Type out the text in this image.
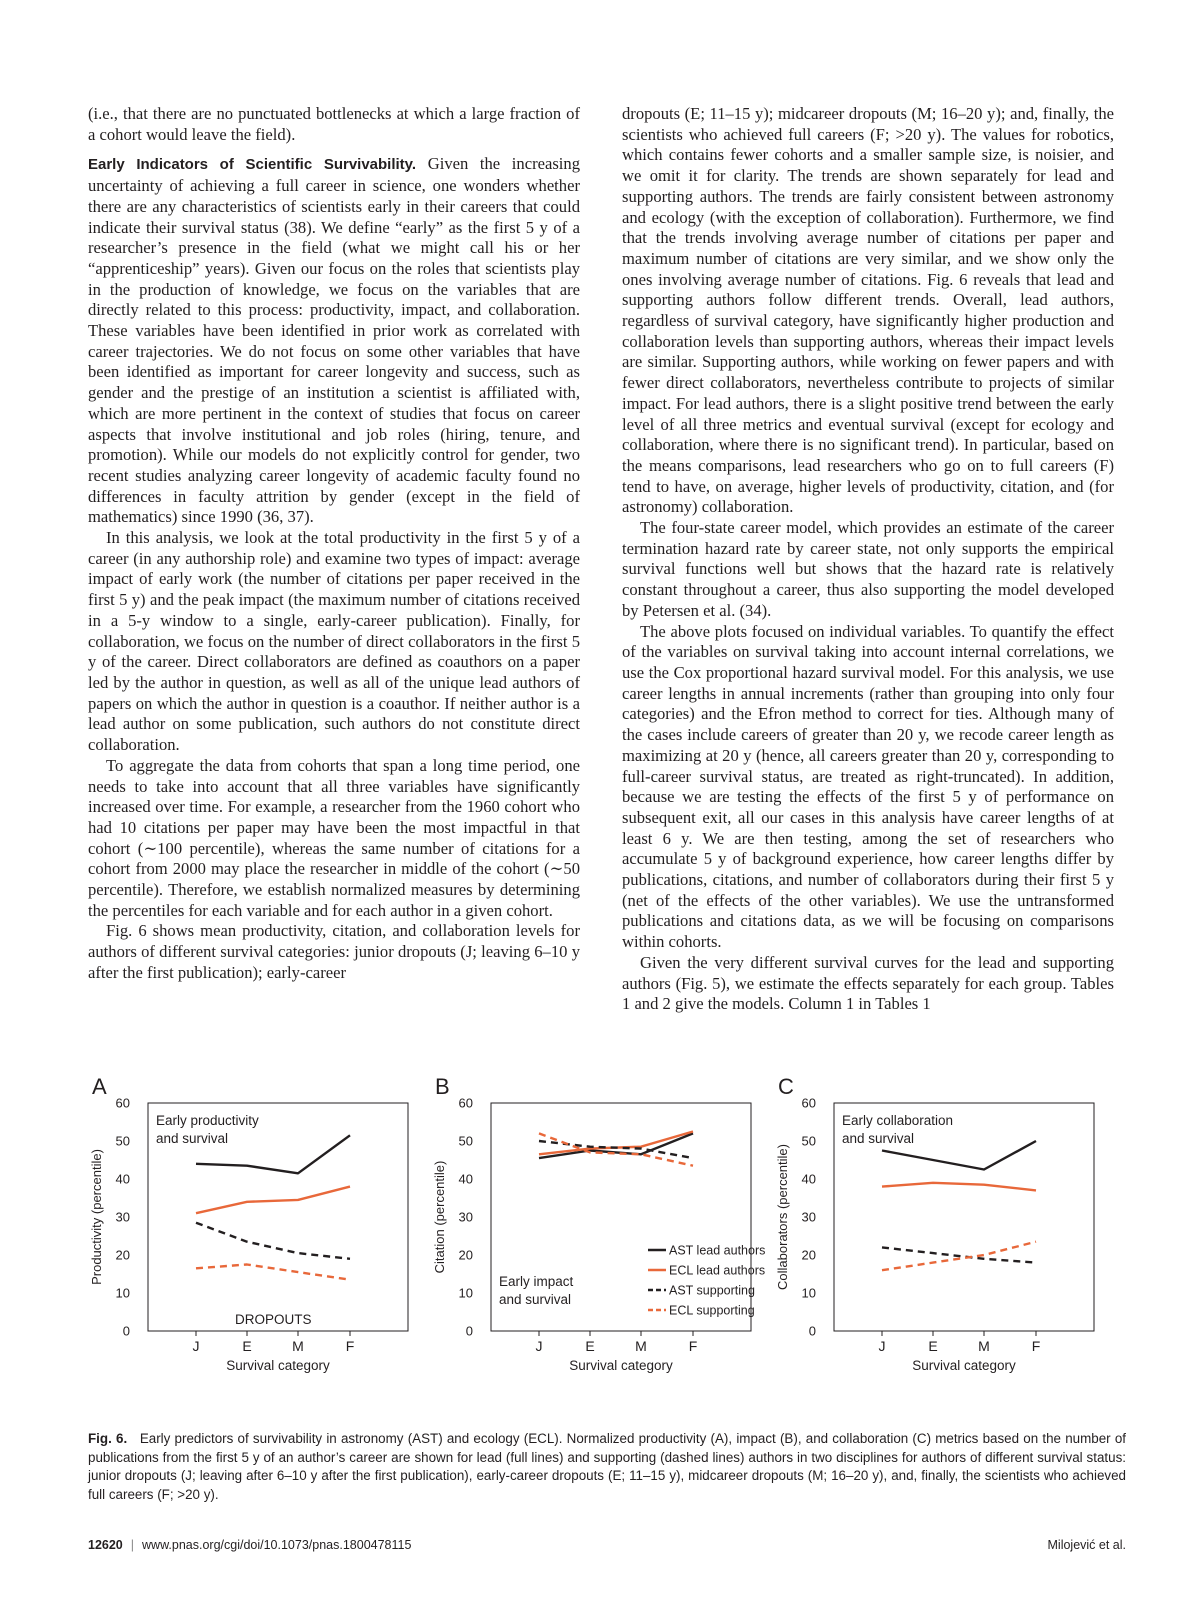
(i.e., that there are no punctuated bottlenecks at which a large fraction of a cohort would leave the field).

Early Indicators of Scientific Survivability. Given the increasing uncertainty of achieving a full career in science, one wonders whether there are any characteristics of scientists early in their careers that could indicate their survival status (38). We define “early” as the first 5 y of a researcher’s presence in the field (what we might call his or her “apprenticeship” years). Given our focus on the roles that scientists play in the production of knowledge, we focus on the variables that are directly related to this process: productivity, impact, and collaboration. These variables have been identified in prior work as correlated with career trajectories. We do not focus on some other variables that have been identified as important for career longevity and success, such as gender and the prestige of an institution a scientist is affiliated with, which are more pertinent in the context of studies that focus on career aspects that involve institutional and job roles (hiring, tenure, and promotion). While our models do not explicitly control for gender, two recent studies analyzing career longevity of academic faculty found no differences in faculty attrition by gender (except in the field of mathematics) since 1990 (36, 37).

In this analysis, we look at the total productivity in the first 5 y of a career (in any authorship role) and examine two types of impact: average impact of early work (the number of citations per paper received in the first 5 y) and the peak impact (the maximum number of citations received in a 5-y window to a single, early-career publication). Finally, for collaboration, we focus on the number of direct collaborators in the first 5 y of the career. Direct collaborators are defined as coauthors on a paper led by the author in question, as well as all of the unique lead authors of papers on which the author in question is a coauthor. If neither author is a lead author on some publication, such authors do not constitute direct collaboration.

To aggregate the data from cohorts that span a long time period, one needs to take into account that all three variables have significantly increased over time. For example, a researcher from the 1960 cohort who had 10 citations per paper may have been the most impactful in that cohort (∼100 percentile), whereas the same number of citations for a cohort from 2000 may place the researcher in middle of the cohort (∼50 percentile). Therefore, we establish normalized measures by determining the percentiles for each variable and for each author in a given cohort.

Fig. 6 shows mean productivity, citation, and collaboration levels for authors of different survival categories: junior dropouts (J; leaving 6–10 y after the first publication); early-career

dropouts (E; 11–15 y); midcareer dropouts (M; 16–20 y); and, finally, the scientists who achieved full careers (F; >20 y). The values for robotics, which contains fewer cohorts and a smaller sample size, is noisier, and we omit it for clarity. The trends are shown separately for lead and supporting authors. The trends are fairly consistent between astronomy and ecology (with the exception of collaboration). Furthermore, we find that the trends involving average number of citations per paper and maximum number of citations are very similar, and we show only the ones involving average number of citations. Fig. 6 reveals that lead and supporting authors follow different trends. Overall, lead authors, regardless of survival category, have significantly higher production and collaboration levels than supporting authors, whereas their impact levels are similar. Supporting authors, while working on fewer papers and with fewer direct collaborators, nevertheless contribute to projects of similar impact. For lead authors, there is a slight positive trend between the early level of all three metrics and eventual survival (except for ecology and collaboration, where there is no significant trend). In particular, based on the means comparisons, lead researchers who go on to full careers (F) tend to have, on average, higher levels of productivity, citation, and (for astronomy) collaboration.

The four-state career model, which provides an estimate of the career termination hazard rate by career state, not only supports the empirical survival functions well but shows that the hazard rate is relatively constant throughout a career, thus also supporting the model developed by Petersen et al. (34).

The above plots focused on individual variables. To quantify the effect of the variables on survival taking into account internal correlations, we use the Cox proportional hazard survival model. For this analysis, we use career lengths in annual increments (rather than grouping into only four categories) and the Efron method to correct for ties. Although many of the cases include careers of greater than 20 y, we recode career length as maximizing at 20 y (hence, all careers greater than 20 y, corresponding to full-career survival status, are treated as right-truncated). In addition, because we are testing the effects of the first 5 y of performance on subsequent exit, all our cases in this analysis have career lengths of at least 6 y. We are then testing, among the set of researchers who accumulate 5 y of background experience, how career lengths differ by publications, citations, and number of collaborators during their first 5 y (net of the effects of the other variables). We use the untransformed publications and citations data, as we will be focusing on comparisons within cohorts.

Given the very different survival curves for the lead and supporting authors (Fig. 5), we estimate the effects separately for each group. Tables 1 and 2 give the models. Column 1 in Tables 1

A
0
10
20
30
40
50
60
J	E	M	F
Survival category
Productivity (percentile)
Early productivity
and survival
DROPOUTS
B
0
10
20
30
40
50
60
J	E	M	F
Survival category
Citation (percentile)
Early impact
and survival
AST lead authors
ECL lead authors
AST supporting
ECL supporting
C
0
10
20
30
40
50
60
J	E	M	F
Survival category
Collaborators (percentile)
Early collaboration
and survival
Fig. 6. Early predictors of survivability in astronomy (AST) and ecology (ECL). Normalized productivity (A), impact (B), and collaboration (C) metrics based on the number of publications from the first 5 y of an author’s career are shown for lead (full lines) and supporting (dashed lines) authors in two disciplines for authors of different survival status: junior dropouts (J; leaving after 6–10 y after the first publication), early-career dropouts (E; 11–15 y), midcareer dropouts (M; 16–20 y), and, finally, the scientists who achieved full careers (F; >20 y).
12620 | www.pnas.org/cgi/doi/10.1073/pnas.1800478115	Milojević et al.
